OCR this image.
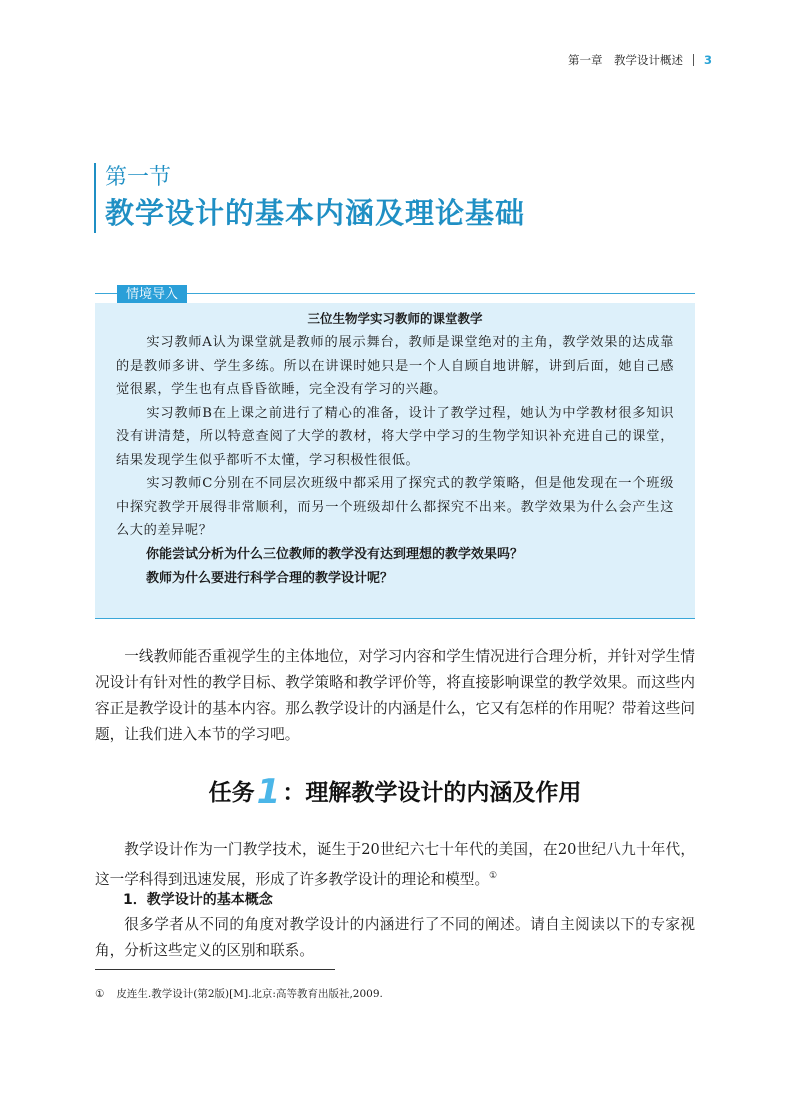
第一章　教学设计概述 3
第一节
教学设计的基本内涵及理论基础
情境导入
三位生物学实习教师的课堂教学

实习教师A认为课堂就是教师的展示舞台，教师是课堂绝对的主角，教学效果的达成靠的是教师多讲、学生多练。所以在讲课时她只是一个人自顾自地讲解，讲到后面，她自己感觉很累，学生也有点昏昏欲睡，完全没有学习的兴趣。

实习教师B在上课之前进行了精心的准备，设计了教学过程，她认为中学教材很多知识没有讲清楚，所以特意查阅了大学的教材，将大学中学习的生物学知识补充进自己的课堂，结果发现学生似乎都听不太懂，学习积极性很低。

实习教师C分别在不同层次班级中都采用了探究式的教学策略，但是他发现在一个班级中探究教学开展得非常顺利，而另一个班级却什么都探究不出来。教学效果为什么会产生这么大的差异呢？

你能尝试分析为什么三位教师的教学没有达到理想的教学效果吗？
教师为什么要进行科学合理的教学设计呢？

一线教师能否重视学生的主体地位，对学习内容和学生情况进行合理分析，并针对学生情况设计有针对性的教学目标、教学策略和教学评价等，将直接影响课堂的教学效果。而这些内容正是教学设计的基本内容。那么教学设计的内涵是什么，它又有怎样的作用呢？带着这些问题，让我们进入本节的学习吧。

任务1：理解教学设计的内涵及作用

教学设计作为一门教学技术，诞生于20世纪六七十年代的美国，在20世纪八九十年代，这一学科得到迅速发展，形成了许多教学设计的理论和模型。①

1．教学设计的基本概念

很多学者从不同的角度对教学设计的内涵进行了不同的阐述。请自主阅读以下的专家视角，分析这些定义的区别和联系。

① 皮连生.教学设计(第2版)[M].北京:高等教育出版社,2009.
